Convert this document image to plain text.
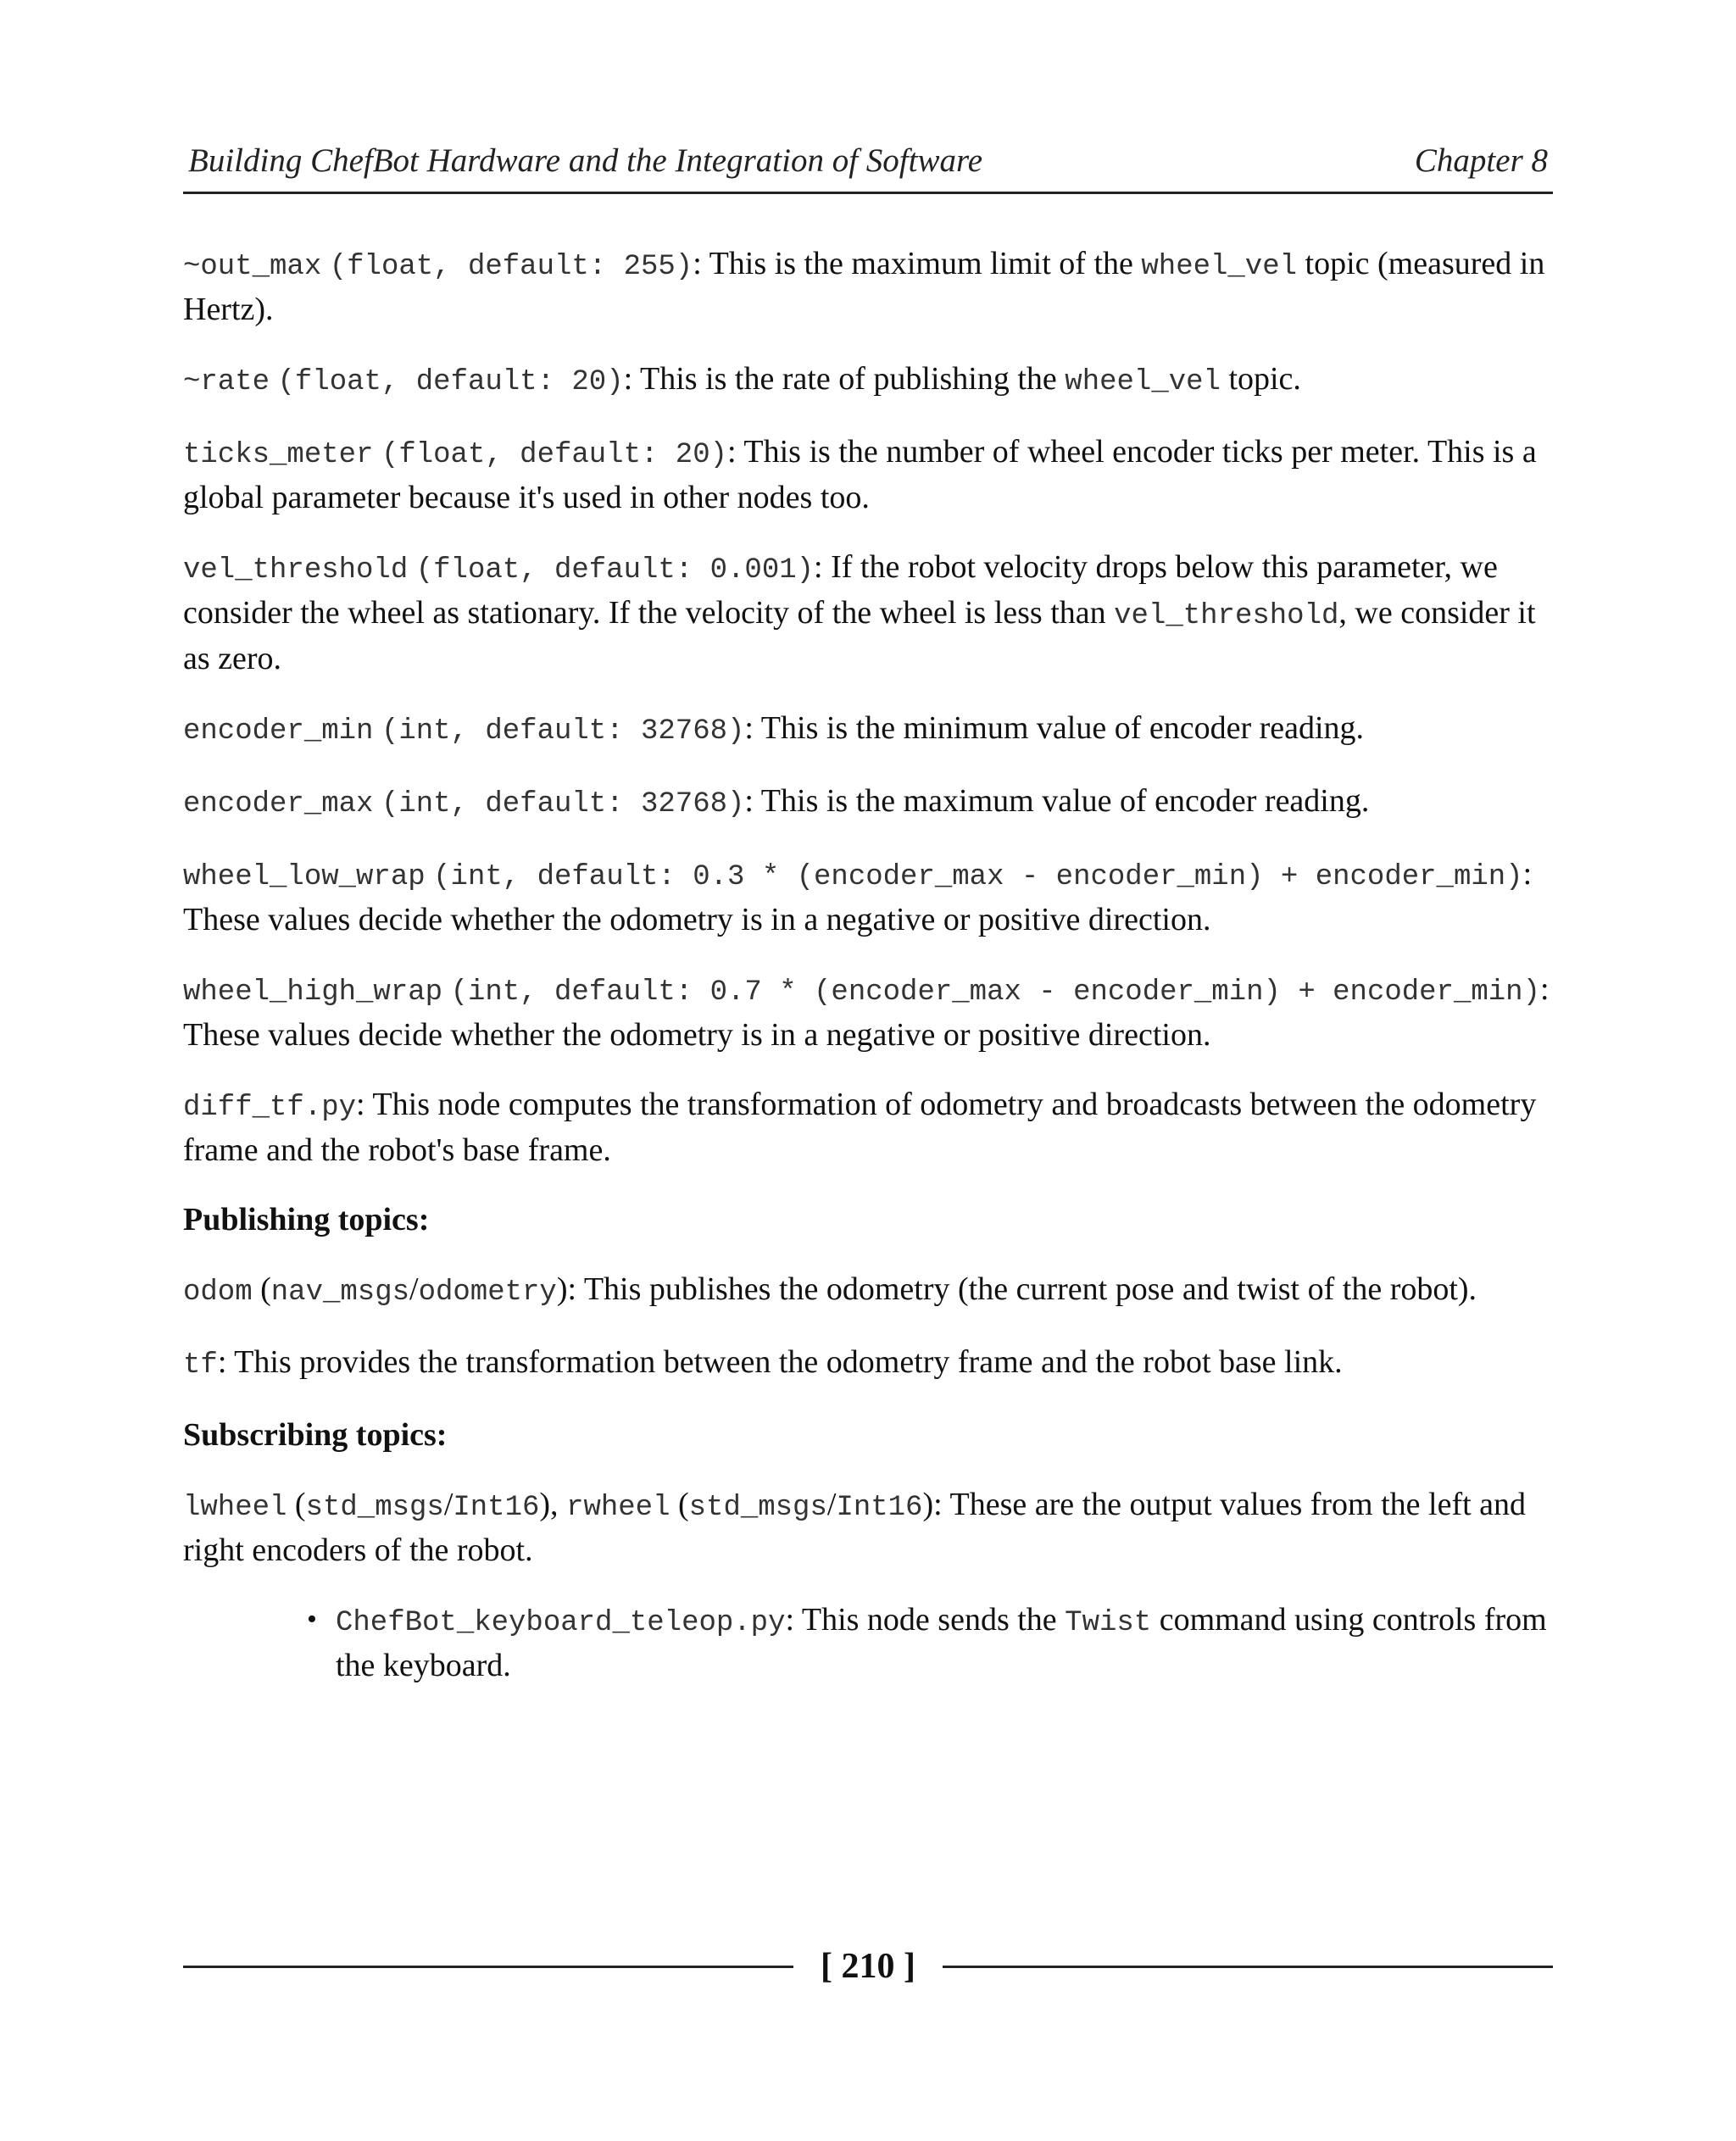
Building ChefBot Hardware and the Integration of Software	Chapter 8

~out_max (float, default: 255): This is the maximum limit of the wheel_vel topic (measured in Hertz).

~rate (float, default: 20): This is the rate of publishing the wheel_vel topic.

ticks_meter (float, default: 20): This is the number of wheel encoder ticks per meter. This is a global parameter because it's used in other nodes too.

vel_threshold (float, default: 0.001): If the robot velocity drops below this parameter, we consider the wheel as stationary. If the velocity of the wheel is less than vel_threshold, we consider it as zero.

encoder_min (int, default: 32768): This is the minimum value of encoder reading.

encoder_max (int, default: 32768): This is the maximum value of encoder reading.

wheel_low_wrap (int, default: 0.3 * (encoder_max - encoder_min) + encoder_min): These values decide whether the odometry is in a negative or positive direction.

wheel_high_wrap (int, default: 0.7 * (encoder_max - encoder_min) + encoder_min): These values decide whether the odometry is in a negative or positive direction.

diff_tf.py: This node computes the transformation of odometry and broadcasts between the odometry frame and the robot's base frame.

Publishing topics:

odom (nav_msgs/odometry): This publishes the odometry (the current pose and twist of the robot).

tf: This provides the transformation between the odometry frame and the robot base link.

Subscribing topics:

lwheel (std_msgs/Int16), rwheel (std_msgs/Int16): These are the output values from the left and right encoders of the robot.

• ChefBot_keyboard_teleop.py: This node sends the Twist command using controls from the keyboard.
[ 210 ]
